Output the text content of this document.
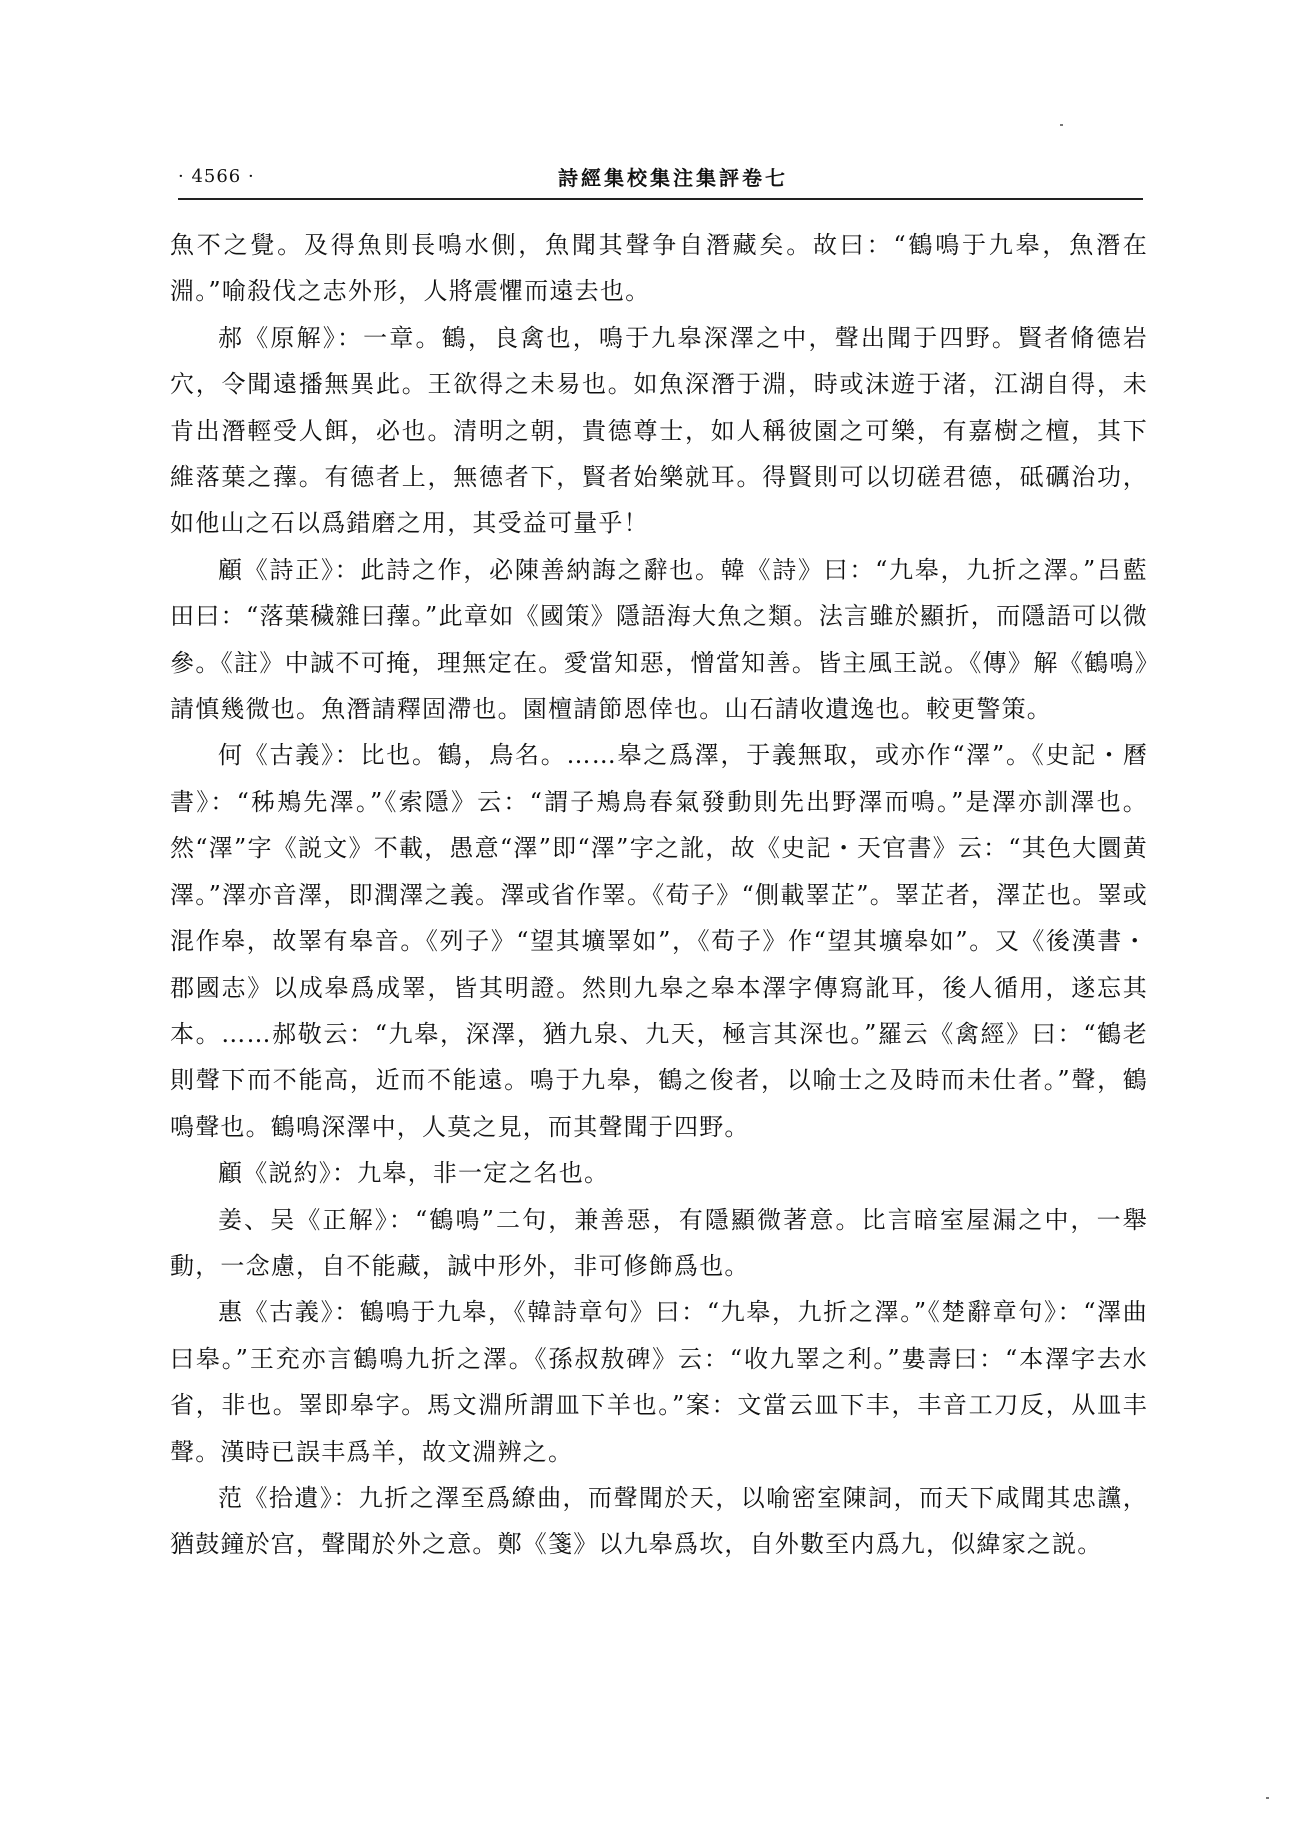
· 4566 ·	詩經集校集注集評卷七

魚不之覺。及得魚則長鳴水側，魚聞其聲争自潛藏矣。故曰：“鶴鳴于九皋，魚潛在淵。”喻殺伐之志外形，人將震懼而遠去也。

郝《原解》：一章。鶴，良禽也，鳴于九皋深澤之中，聲出聞于四野。賢者脩德岩穴，令聞遠播無異此。王欲得之未易也。如魚深潛于淵，時或沫遊于渚，江湖自得，未肯出潛輕受人餌，必也。清明之朝，貴德尊士，如人稱彼園之可樂，有嘉樹之檀，其下維落葉之蘀。有德者上，無德者下，賢者始樂就耳。得賢則可以切磋君德，砥礪治功，如他山之石以爲錯磨之用，其受益可量乎！

顧《詩正》：此詩之作，必陳善納誨之辭也。韓《詩》曰：“九皋，九折之澤。”吕藍田曰：“落葉穢雜曰蘀。”此章如《國策》隱語海大魚之類。法言雖於顯折，而隱語可以微參。《註》中誠不可掩，理無定在。愛當知惡，憎當知善。皆主風王説。《傳》解《鶴鳴》請慎幾微也。魚潛請釋固滯也。園檀請節恩倖也。山石請收遺逸也。較更警策。

何《古義》：比也。鶴，鳥名。……皋之爲澤，于義無取，或亦作“澤”。《史記・曆書》：“秭鴂先澤。”《索隱》云：“謂子鴂鳥春氣發動則先出野澤而鳴。”是澤亦訓澤也。然“澤”字《説文》不載，愚意“澤”即“澤”字之訛，故《史記・天官書》云：“其色大圜黄澤。”澤亦音澤，即潤澤之義。澤或省作睪。《荀子》“側載睪芷”。睪芷者，澤芷也。睪或混作皋，故睪有皋音。《列子》“望其壙睪如”，《荀子》作“望其壙皋如”。又《後漢書・郡國志》以成皋爲成睪，皆其明證。然則九皋之皋本澤字傳寫訛耳，後人循用，遂忘其本。……郝敬云：“九皋，深澤，猶九泉、九天，極言其深也。”羅云《禽經》曰：“鶴老則聲下而不能高，近而不能遠。鳴于九皋，鶴之俊者，以喻士之及時而未仕者。”聲，鶴鳴聲也。鶴鳴深澤中，人莫之見，而其聲聞于四野。

顧《説約》：九皋，非一定之名也。

姜、吴《正解》：“鶴鳴”二句，兼善惡，有隱顯微著意。比言暗室屋漏之中，一舉動，一念慮，自不能藏，誠中形外，非可修飾爲也。

惠《古義》：鶴鳴于九皋，《韓詩章句》曰：“九皋，九折之澤。”《楚辭章句》：“澤曲曰皋。”王充亦言鶴鳴九折之澤。《孫叔敖碑》云：“收九睪之利。”婁壽曰：“本澤字去水省，非也。睪即皋字。馬文淵所謂皿下羊也。”案：文當云皿下丰，丰音工刀反，从皿丰聲。漢時已誤丰爲羊，故文淵辨之。

范《拾遺》：九折之澤至爲繚曲，而聲聞於天，以喻密室陳詞，而天下咸聞其忠讜，猶鼓鐘於宫，聲聞於外之意。鄭《箋》以九皋爲坎，自外數至内爲九，似緯家之説。
